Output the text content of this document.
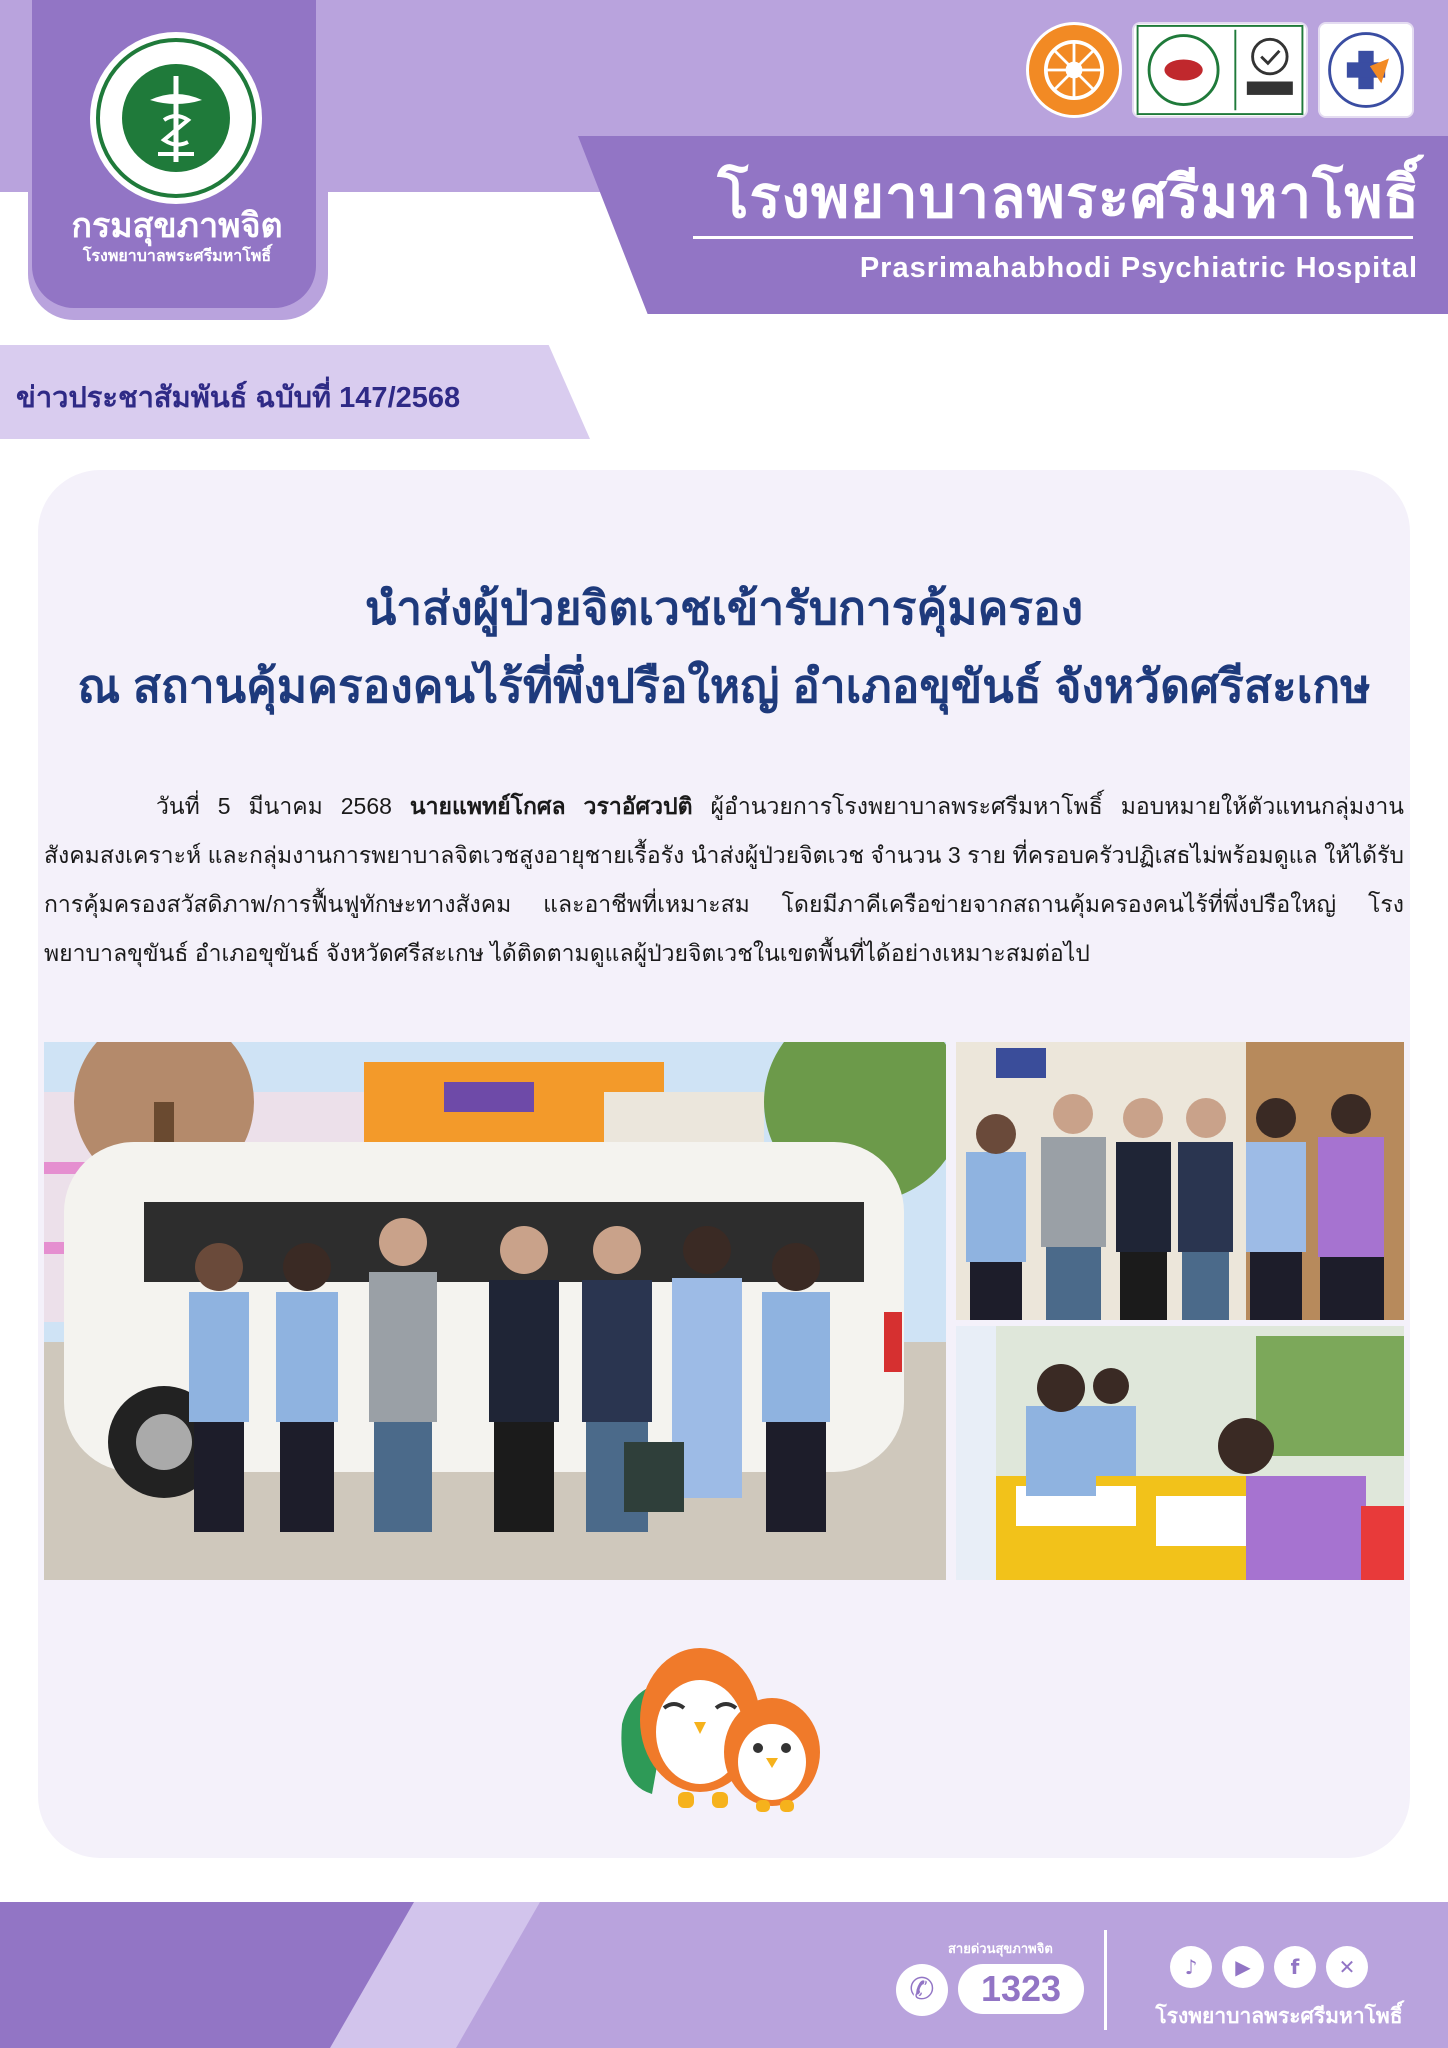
โรงพยาบาลพระศรีมหาโพธิ์
Prasrimahabhodi Psychiatric Hospital
กรมสุขภาพจิต
โรงพยาบาลพระศรีมหาโพธิ์
ข่าวประชาสัมพันธ์ ฉบับที่ 147/2568
นำส่งผู้ป่วยจิตเวชเข้ารับการคุ้มครอง
ณ สถานคุ้มครองคนไร้ที่พึ่งปรือใหญ่ อำเภอขุขันธ์ จังหวัดศรีสะเกษ

วันที่ 5 มีนาคม 2568 นายแพทย์โกศล วราอัศวปติ ผู้อำนวยการโรงพยาบาลพระศรีมหาโพธิ์ มอบหมายให้ตัวแทนกลุ่มงานสังคมสงเคราะห์ และกลุ่มงานการพยาบาลจิตเวชสูงอายุชายเรื้อรัง นำส่งผู้ป่วยจิตเวช จำนวน 3 ราย ที่ครอบครัวปฏิเสธไม่พร้อมดูแล ให้ได้รับการคุ้มครองสวัสดิภาพ/การฟื้นฟูทักษะทางสังคม และอาชีพที่เหมาะสม โดยมีภาคีเครือข่ายจากสถานคุ้มครองคนไร้ที่พึ่งปรือใหญ่ โรงพยาบาลขุขันธ์ อำเภอขุขันธ์ จังหวัดศรีสะเกษ ได้ติดตามดูแลผู้ป่วยจิตเวชในเขตพื้นที่ได้อย่างเหมาะสมต่อไป

สายด่วนสุขภาพจิต
✆	1323
♪	▶	f	✕
โรงพยาบาลพระศรีมหาโพธิ์
